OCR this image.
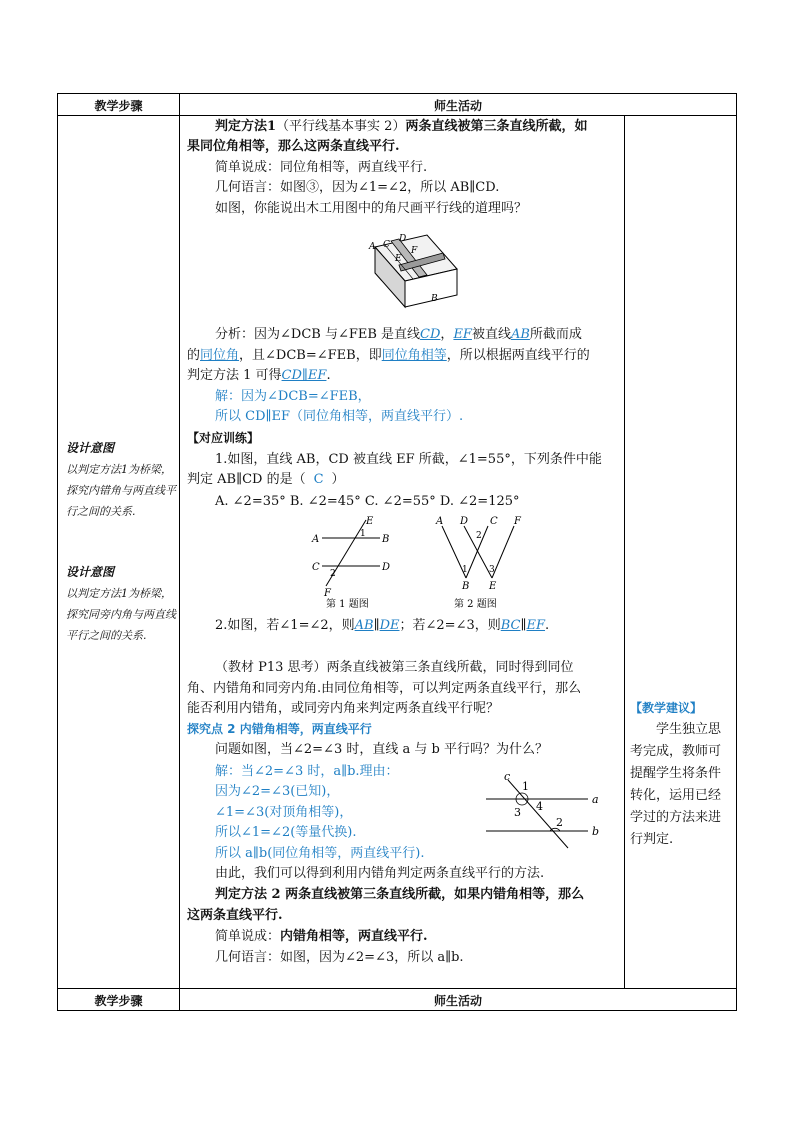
教学步骤	师生活动
教学步骤	师生活动
设计意图
以判定方法1为桥梁，探究内错角与两直线平行之间的关系.
设计意图
以判定方法1为桥梁，探究同旁内角与两直线平行之间的关系.
【教学建议】
学生独立思考完成，教师可提醒学生将条件转化，运用已经学过的方法来进行判定.
判定方法1（平行线基本事实 2）两条直线被第三条直线所截，如
果同位角相等，那么这两条直线平行.
简单说成：同位角相等，两直线平行.
几何语言：如图③，因为∠1=∠2，所以 AB∥CD.
如图，你能说出木工用图中的角尺画平行线的道理吗？
A C
D
E
F
B
分析：因为∠DCB 与∠FEB 是直线CD，EF被直线AB所截而成
的同位角，且∠DCB=∠FEB，即同位角相等，所以根据两直线平行的
判定方法 1 可得CD∥EF.
解：因为∠DCB=∠FEB，
所以 CD∥EF（同位角相等，两直线平行）.
【对应训练】
1.如图，直线 AB，CD 被直线 EF 所截，∠1=55°，下列条件中能
判定 AB∥CD 的是（ C ）
A. ∠2=35° B. ∠2=45° C. ∠2=55° D. ∠2=125°
A
E
1 B
C
2
D
F
第 1 题图
A D C F
2
1 3
B E
第 2 题图
2.如图，若∠1=∠2，则AB∥DE；若∠2=∠3，则BC∥EF.
（教材 P13 思考）两条直线被第三条直线所截，同时得到同位
角、内错角和同旁内角.由同位角相等，可以判定两条直线平行，那么
能否利用内错角，或同旁内角来判定两条直线平行呢？
探究点 2 内错角相等，两直线平行
问题如图，当∠2=∠3 时，直线 a 与 b 平行吗？为什么？
解：当∠2=∠3 时，a∥b.理由：
因为∠2=∠3(已知)，
∠1=∠3(对顶角相等)，
所以∠1=∠2(等量代换).
所以 a∥b(同位角相等，两直线平行).
c
1
a
4
3
2
b
由此，我们可以得到利用内错角判定两条直线平行的方法.
判定方法 2 两条直线被第三条直线所截，如果内错角相等，那么
这两条直线平行.
简单说成：内错角相等，两直线平行.
几何语言：如图，因为∠2=∠3，所以 a∥b.
